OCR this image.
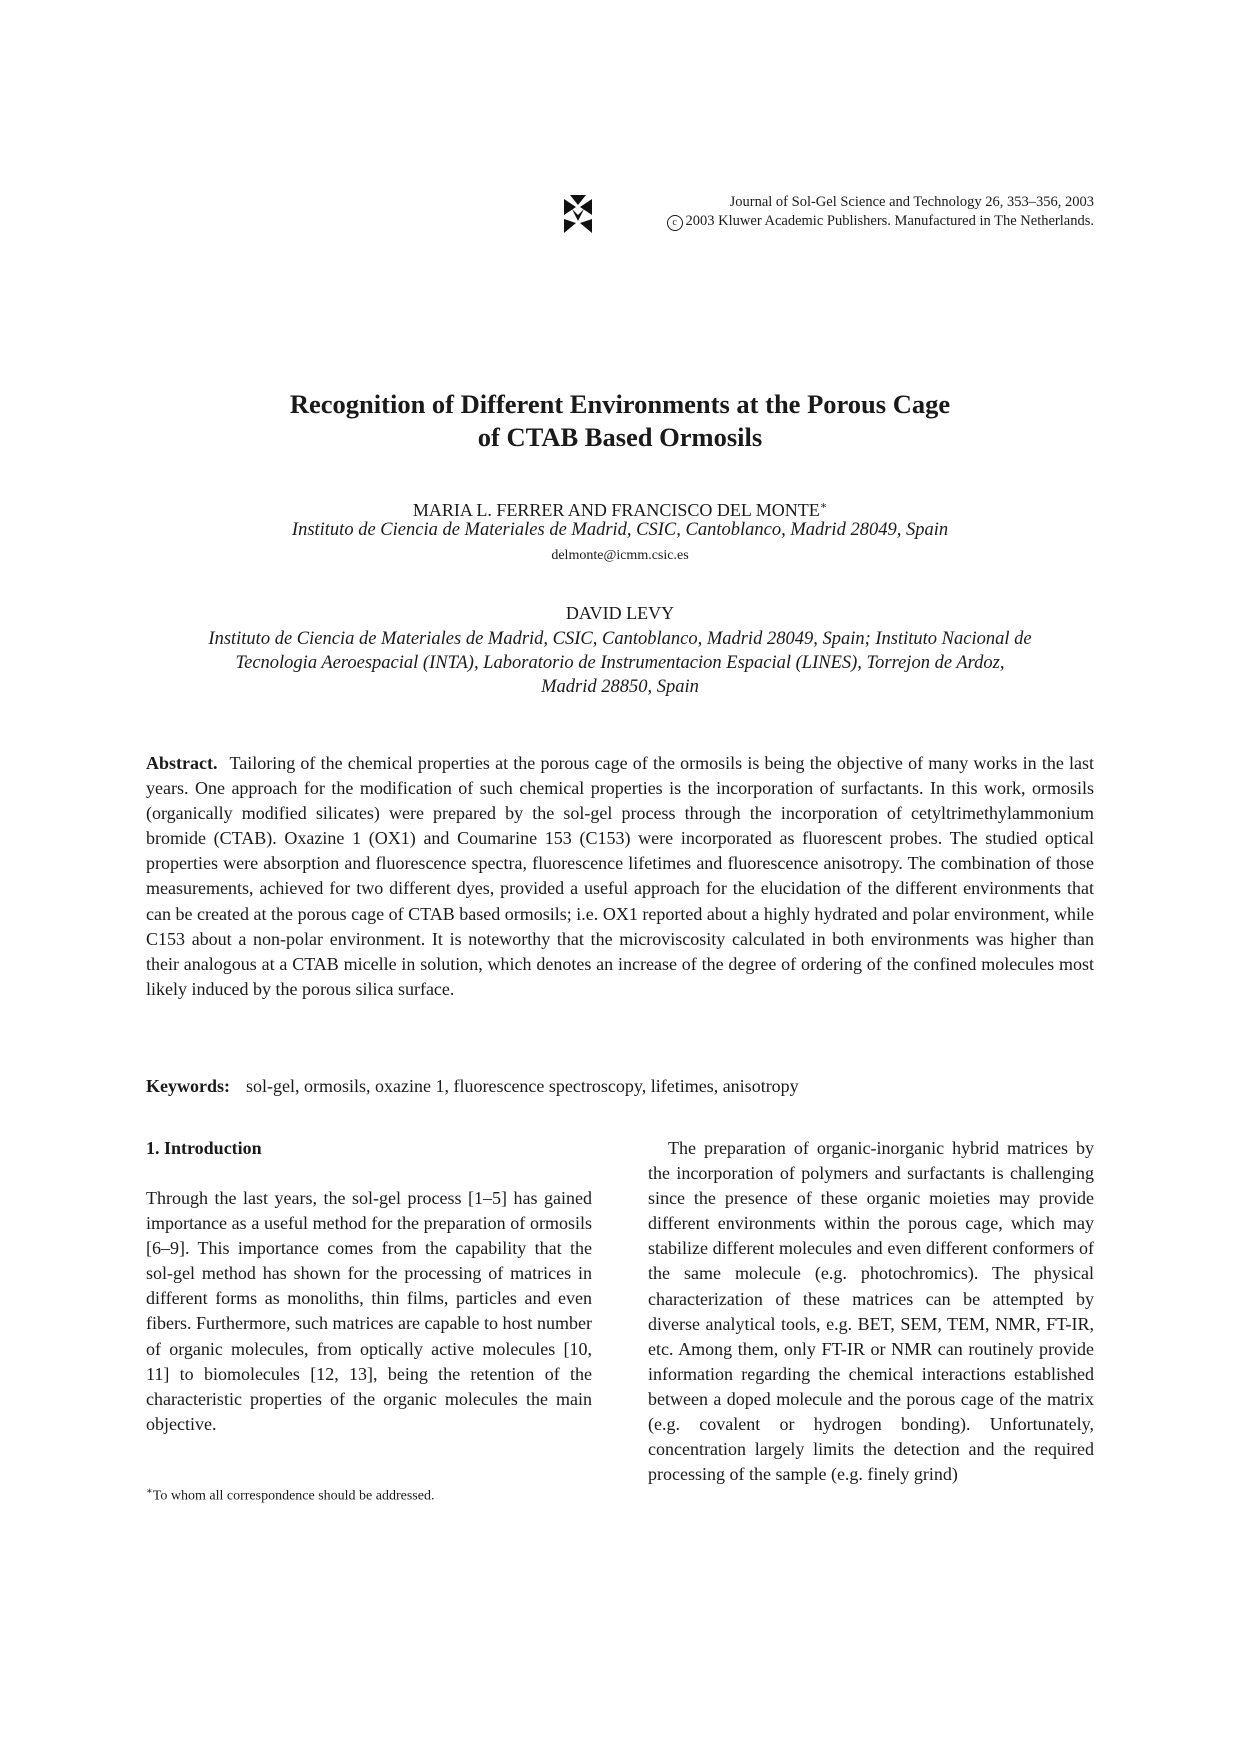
Journal of Sol-Gel Science and Technology 26, 353–356, 2003
c 2003 Kluwer Academic Publishers. Manufactured in The Netherlands.
Recognition of Different Environments at the Porous Cage
of CTAB Based Ormosils
MARIA L. FERRER AND FRANCISCO DEL MONTE∗
Instituto de Ciencia de Materiales de Madrid, CSIC, Cantoblanco, Madrid 28049, Spain
delmonte@icmm.csic.es
DAVID LEVY
Instituto de Ciencia de Materiales de Madrid, CSIC, Cantoblanco, Madrid 28049, Spain; Instituto Nacional de
Tecnologia Aeroespacial (INTA), Laboratorio de Instrumentacion Espacial (LINES), Torrejon de Ardoz,
Madrid 28850, Spain
Abstract. Tailoring of the chemical properties at the porous cage of the ormosils is being the objective of many works in the last years. One approach for the modification of such chemical properties is the incorporation of surfactants. In this work, ormosils (organically modified silicates) were prepared by the sol-gel process through the incorporation of cetyltrimethylammonium bromide (CTAB). Oxazine 1 (OX1) and Coumarine 153 (C153) were incorporated as fluorescent probes. The studied optical properties were absorption and fluorescence spectra, fluorescence lifetimes and fluorescence anisotropy. The combination of those measurements, achieved for two different dyes, provided a useful approach for the elucidation of the different environments that can be created at the porous cage of CTAB based ormosils; i.e. OX1 reported about a highly hydrated and polar environment, while C153 about a non-polar environment. It is noteworthy that the microviscosity calculated in both environments was higher than their analogous at a CTAB micelle in solution, which denotes an increase of the degree of ordering of the confined molecules most likely induced by the porous silica surface.
Keywords: sol-gel, ormosils, oxazine 1, fluorescence spectroscopy, lifetimes, anisotropy
1. Introduction
Through the last years, the sol-gel process [1–5] has gained importance as a useful method for the preparation of ormosils [6–9]. This importance comes from the capability that the sol-gel method has shown for the processing of matrices in different forms as monoliths, thin films, particles and even fibers. Furthermore, such matrices are capable to host number of organic molecules, from optically active molecules [10, 11] to biomolecules [12, 13], being the retention of the characteristic properties of the organic molecules the main objective.
The preparation of organic-inorganic hybrid matrices by the incorporation of polymers and surfactants is challenging since the presence of these organic moieties may provide different environments within the porous cage, which may stabilize different molecules and even different conformers of the same molecule (e.g. photochromics). The physical characterization of these matrices can be attempted by diverse analytical tools, e.g. BET, SEM, TEM, NMR, FT-IR, etc. Among them, only FT-IR or NMR can routinely provide information regarding the chemical interactions established between a doped molecule and the porous cage of the matrix (e.g. covalent or hydrogen bonding). Unfortunately, concentration largely limits the detection and the required processing of the sample (e.g. finely grind)
∗To whom all correspondence should be addressed.
